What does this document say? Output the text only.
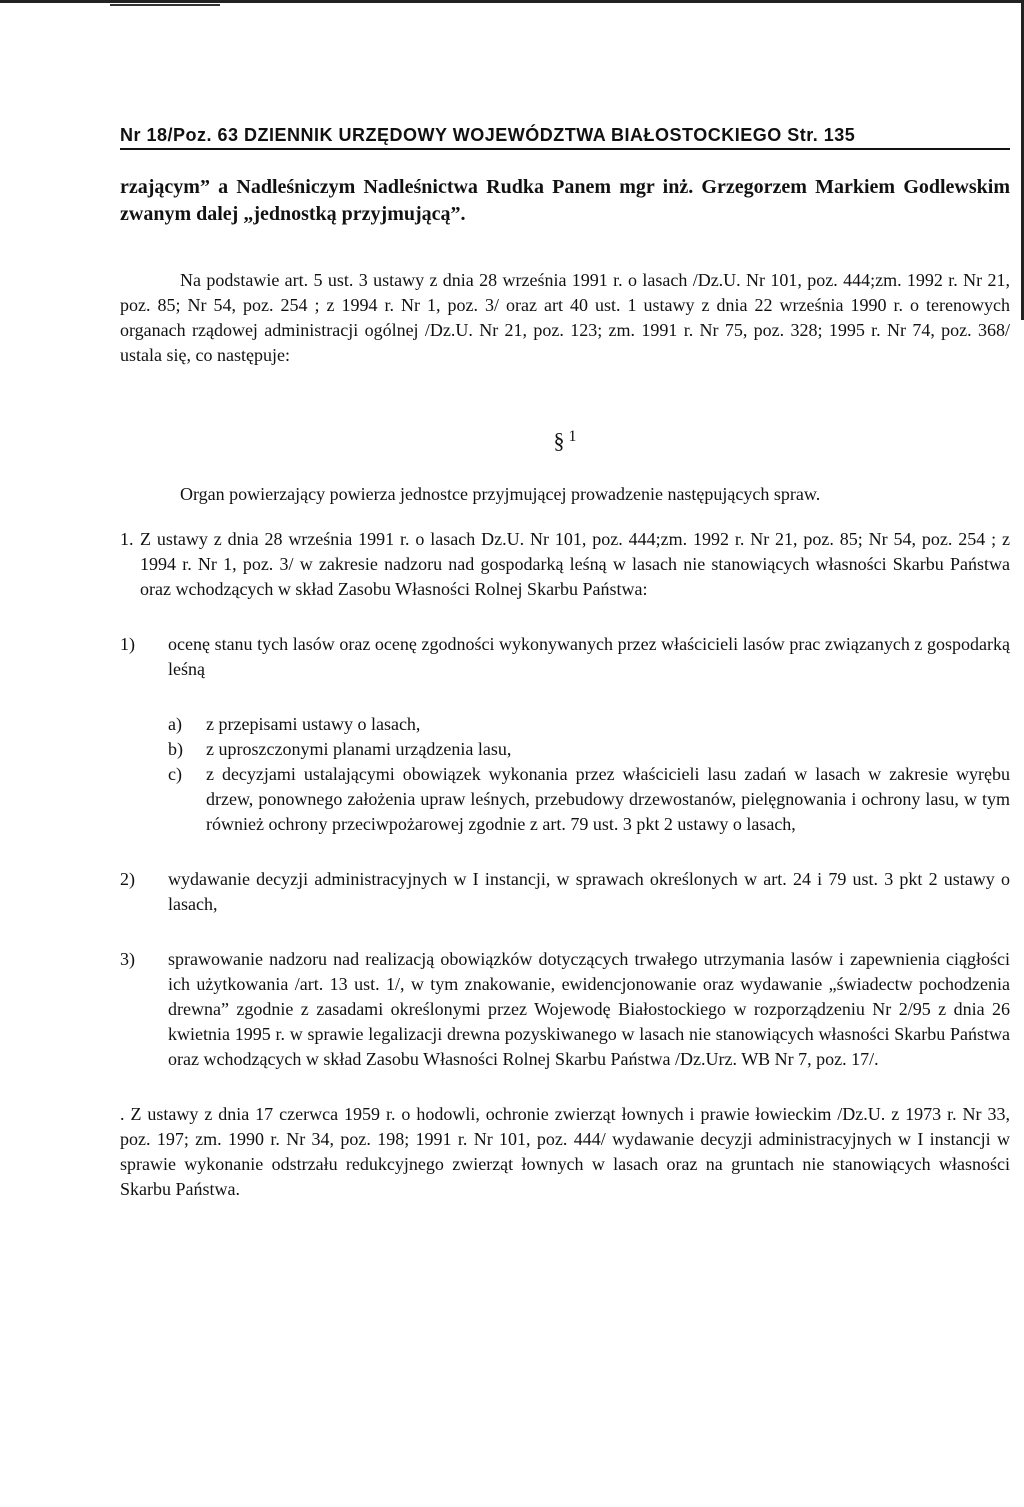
Nr 18/Poz. 63 DZIENNIK URZĘDOWY WOJEWÓDZTWA BIAŁOSTOCKIEGO Str. 135

rzającym” a Nadleśniczym Nadleśnictwa Rudka Panem mgr inż. Grzegorzem Markiem Godlewskim zwanym dalej „jednostką przyjmującą”.

Na podstawie art. 5 ust. 3 ustawy z dnia 28 września 1991 r. o lasach /Dz.U. Nr 101, poz. 444;zm. 1992 r. Nr 21, poz. 85; Nr 54, poz. 254 ; z 1994 r. Nr 1, poz. 3/ oraz art 40 ust. 1 ustawy z dnia 22 września 1990 r. o terenowych organach rządowej administracji ogólnej /Dz.U. Nr 21, poz. 123; zm. 1991 r. Nr 75, poz. 328; 1995 r. Nr 74, poz. 368/ ustala się, co następuje:

§ $^1$

Organ powierzający powierza jednostce przyjmującej prowadzenie następujących spraw.

1. Z ustawy z dnia 28 września 1991 r. o lasach Dz.U. Nr 101, poz. 444;zm. 1992 r. Nr 21, poz. 85; Nr 54, poz. 254 ; z 1994 r. Nr 1, poz. 3/ w zakresie nadzoru nad gospodarką leśną w lasach nie stanowiących własności Skarbu Państwa oraz wchodzących w skład Zasobu Własności Rolnej Skarbu Państwa:
1)	ocenę stanu tych lasów oraz ocenę zgodności wykonywanych przez właścicieli lasów prac związanych z gospodarką leśną
a)	z przepisami ustawy o lasach,
b)	z uproszczonymi planami urządzenia lasu,
c)	z decyzjami ustalającymi obowiązek wykonania przez właścicieli lasu zadań w lasach w zakresie wyrębu drzew, ponownego założenia upraw leśnych, przebudowy drzewostanów, pielęgnowania i ochrony lasu, w tym również ochrony przeciwpożarowej zgodnie z art. 79 ust. 3 pkt 2 ustawy o lasach,
2)	wydawanie decyzji administracyjnych w I instancji, w sprawach określonych w art. 24 i 79 ust. 3 pkt 2 ustawy o lasach,
3)	sprawowanie nadzoru nad realizacją obowiązków dotyczących trwałego utrzymania lasów i zapewnienia ciągłości ich użytkowania /art. 13 ust. 1/, w tym znakowanie, ewidencjonowanie oraz wydawanie „świadectw pochodzenia drewna” zgodnie z zasadami określonymi przez Wojewodę Białostockiego w rozporządzeniu Nr 2/95 z dnia 26 kwietnia 1995 r. w sprawie legalizacji drewna pozyskiwanego w lasach nie stanowiących własności Skarbu Państwa oraz wchodzących w skład Zasobu Własności Rolnej Skarbu Państwa /Dz.Urz. WB Nr 7, poz. 17/.

. Z ustawy z dnia 17 czerwca 1959 r. o hodowli, ochronie zwierząt łownych i prawie łowieckim /Dz.U. z 1973 r. Nr 33, poz. 197; zm. 1990 r. Nr 34, poz. 198; 1991 r. Nr 101, poz. 444/ wydawanie decyzji administracyjnych w I instancji w sprawie wykonanie odstrzału redukcyjnego zwierząt łownych w lasach oraz na gruntach nie stanowiących własności Skarbu Państwa.
